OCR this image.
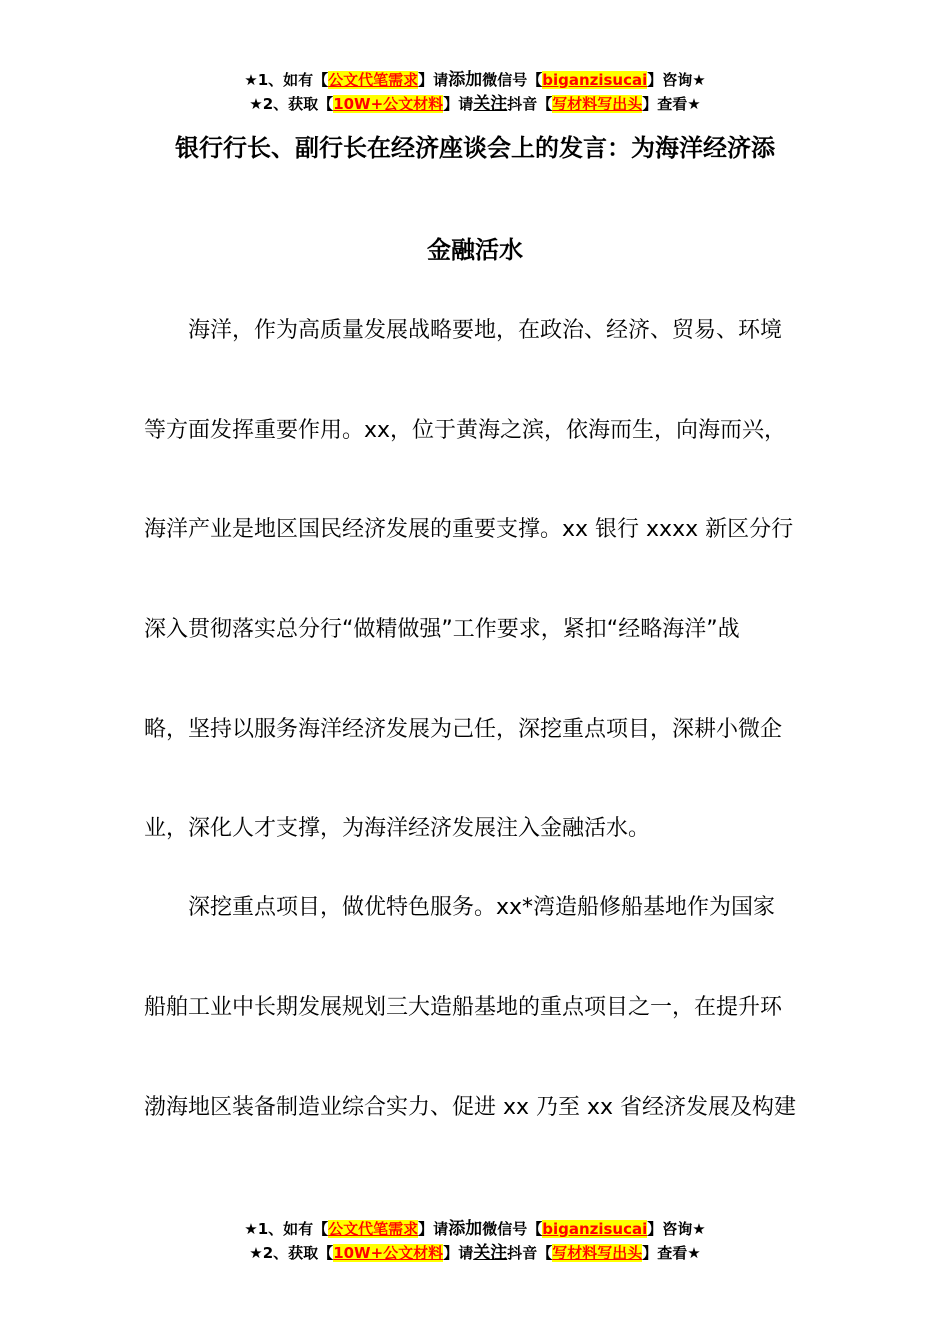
★1、如有【公文代笔需求】请添加微信号【biganzisucai】咨询★
★2、获取【10W+公文材料】请关注抖音【写材料写出头】查看★
银行行长、副行长在经济座谈会上的发言：为海洋经济添
金融活水
　　海洋，作为高质量发展战略要地，在政治、经济、贸易、环境
等方面发挥重要作用。xx，位于黄海之滨，依海而生，向海而兴，
海洋产业是地区国民经济发展的重要支撑。xx 银行 xxxx 新区分行
深入贯彻落实总分行“做精做强”工作要求，紧扣“经略海洋”战
略，坚持以服务海洋经济发展为己任，深挖重点项目，深耕小微企
业，深化人才支撑，为海洋经济发展注入金融活水。
　　深挖重点项目，做优特色服务。xx*湾造船修船基地作为国家
船舶工业中长期发展规划三大造船基地的重点项目之一，在提升环
渤海地区装备制造业综合实力、促进 xx 乃至 xx 省经济发展及构建
★1、如有【公文代笔需求】请添加微信号【biganzisucai】咨询★
★2、获取【10W+公文材料】请关注抖音【写材料写出头】查看★
